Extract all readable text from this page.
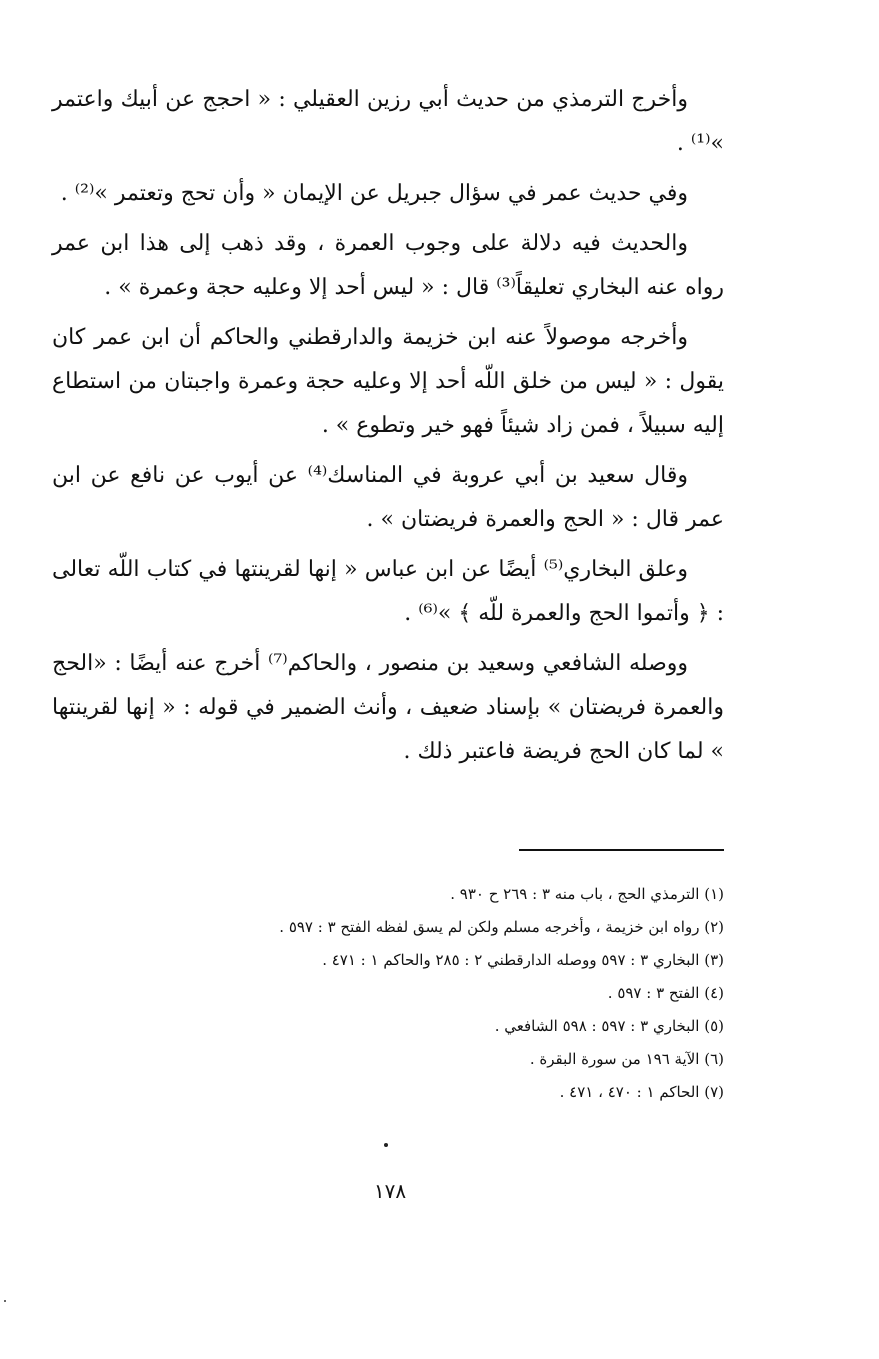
وأخرج الترمذي من حديث أبي رزين العقيلي : « احجج عن أبيك واعتمر »⁽¹⁾ .

وفي حديث عمر في سؤال جبريل عن الإيمان « وأن تحج وتعتمر »⁽²⁾ .

والحديث فيه دلالة على وجوب العمرة ، وقد ذهب إلى هذا ابن عمر رواه عنه البخاري تعليقاً⁽³⁾ قال : « ليس أحد إلا وعليه حجة وعمرة » .

وأخرجه موصولاً عنه ابن خزيمة والدارقطني والحاكم أن ابن عمر كان يقول : « ليس من خلق اللّه أحد إلا وعليه حجة وعمرة واجبتان من استطاع إليه سبيلاً ، فمن زاد شيئاً فهو خير وتطوع » .

وقال سعيد بن أبي عروبة في المناسك⁽⁴⁾ عن أيوب عن نافع عن ابن عمر قال : « الحج والعمرة فريضتان » .

وعلق البخاري⁽⁵⁾ أيضًا عن ابن عباس « إنها لقرينتها في كتاب اللّه تعالى : ﴿ وأتموا الحج والعمرة للّه ﴾ »⁽⁶⁾ .

ووصله الشافعي وسعيد بن منصور ، والحاكم⁽⁷⁾ أخرج عنه أيضًا : «الحج والعمرة فريضتان » بإسناد ضعيف ، وأنث الضمير في قوله : « إنها لقرينتها » لما كان الحج فريضة فاعتبر ذلك .

(١) الترمذي الحج ، باب منه ٣ : ٢٦٩ ح ٩٣٠ .
(٢) رواه ابن خزيمة ، وأخرجه مسلم ولكن لم يسق لفظه الفتح ٣ : ٥٩٧ .
(٣) البخاري ٣ : ٥٩٧ ووصله الدارقطني ٢ : ٢٨٥ والحاكم ١ : ٤٧١ .
(٤) الفتح ٣ : ٥٩٧ .
(٥) البخاري ٣ : ٥٩٧ : ٥٩٨ الشافعي .
(٦) الآية ١٩٦ من سورة البقرة .
(٧) الحاكم ١ : ٤٧٠ ، ٤٧١ .
١٧٨
